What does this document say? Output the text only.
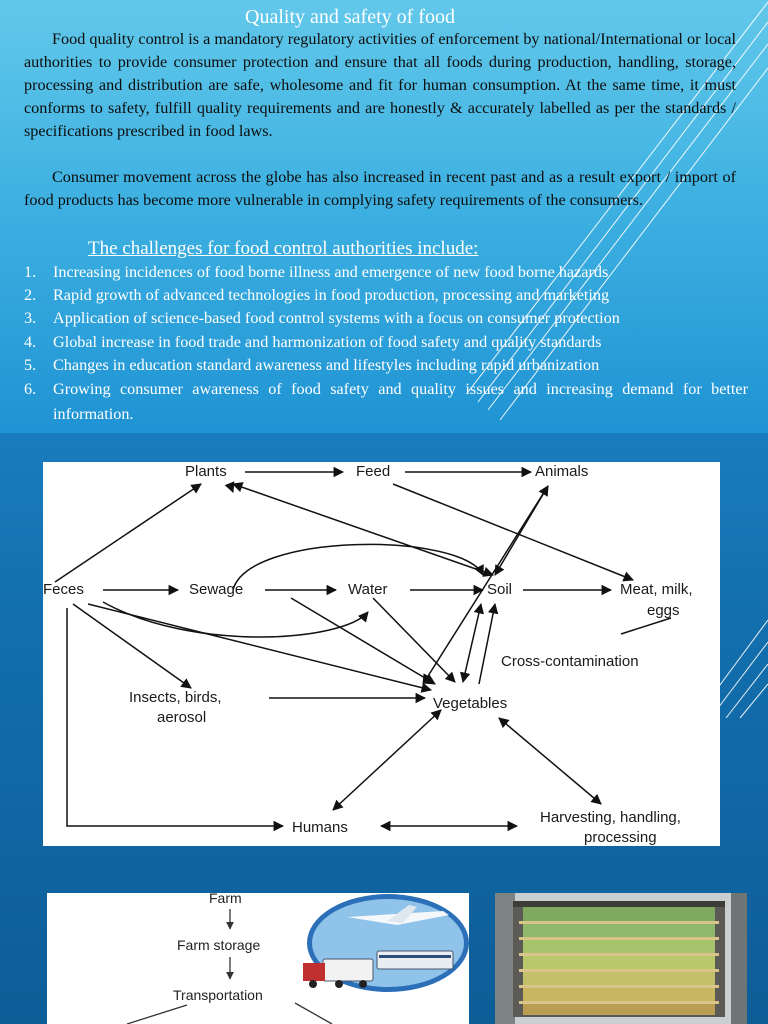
Quality and safety of food

Food quality control is a mandatory regulatory activities of enforcement by national/International or local authorities to provide consumer protection and ensure that all foods during production, handling, storage, processing and distribution are safe, wholesome and fit for human consumption. At the same time, it must conforms to safety, fulfill quality requirements and are honestly & accurately labelled as per the standards / specifications prescribed in food laws.

Consumer movement across the globe has also increased in recent past and as a result export / import of food products has become more vulnerable in complying safety requirements of the consumers.

The challenges for food control authorities include:
1. Increasing incidences of food borne illness and emergence of new food borne hazards
2. Rapid growth of advanced technologies in food production, processing and marketing
3. Application of science-based food control systems with a focus on consumer protection
4. Global increase in food trade and harmonization of food safety and quality standards
5. Changes in education standard awareness and lifestyles including rapid urbanization
6. Growing consumer awareness of food safety and quality issues and increasing demand for better information.
Plants	Feed	Animals
Feces	Sewage	Water	Soil	Meat, milk,
eggs
Cross-contamination
Insects, birds,
aerosol
Vegetables
Humans
Harvesting, handling,
processing
Farm
Farm storage
Transportation
